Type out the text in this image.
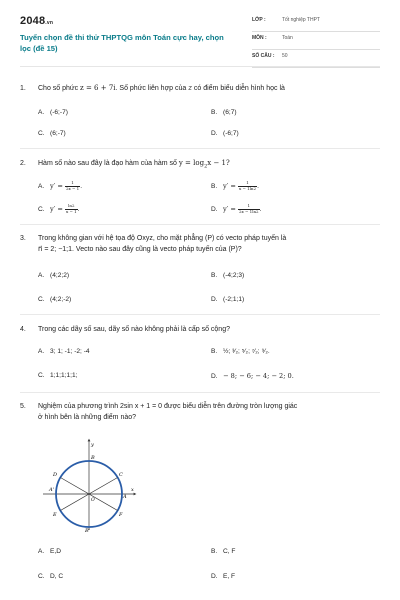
2048.vn
Tuyển chọn đề thi thử THPTQG môn Toán cực hay, chọn lọc (đề 15)
LỚP :	Tốt nghiệp THPT
MÔN :	Toán
SỐ CÂU :	50
1. Cho số phức z = 6 + 7i. Số phức liên hợp của z có điểm biểu diễn hình học là
A. (-6;-7)	B. (6;7)
C. (6;-7)	D. (-6;7)
2. Hàm số nào sau đây là đạo hàm của hàm số $y = \log_2x - 1$?
A. $y' = \frac{1}{2x - 1}$ .	B. $y' = \frac{1}{x - 1\ln 2}$ .
C. $y' = \frac{\ln 2}{x - 1}$ .	D. $y' = \frac{1}{2x - 1\ln 2}$ .
3. Trong không gian với hệ tọa độ Oxyz, cho mặt phẳng (P) có vecto pháp tuyến là
n⃗ = 2; −1;1. Vecto nào sau đây cũng là vecto pháp tuyến của (P)?
A. (4;2;2)	B. (-4;2;3)
C. (4;2;-2)	D. (-2;1;1)
4. Trong các dãy số sau, dãy số nào không phải là cấp số cộng?
A. 3; 1; -1; -2; -4	B. ½; ³⁄₂; ⁵⁄₂; ⁷⁄₂; ⁹⁄₂.
C. 1;1;1;1;1;	D. − 8; − 6; − 4; − 2; 0.
5. Nghiệm của phương trình 2sin x + 1 = 0 được biểu diễn trên đường tròn lượng giác
ở hình bên là những điểm nào?
y
x
B
B'
A
A'
C
D
E	F
O
A. E,D	B. C, F
C. D, C	D. E, F
